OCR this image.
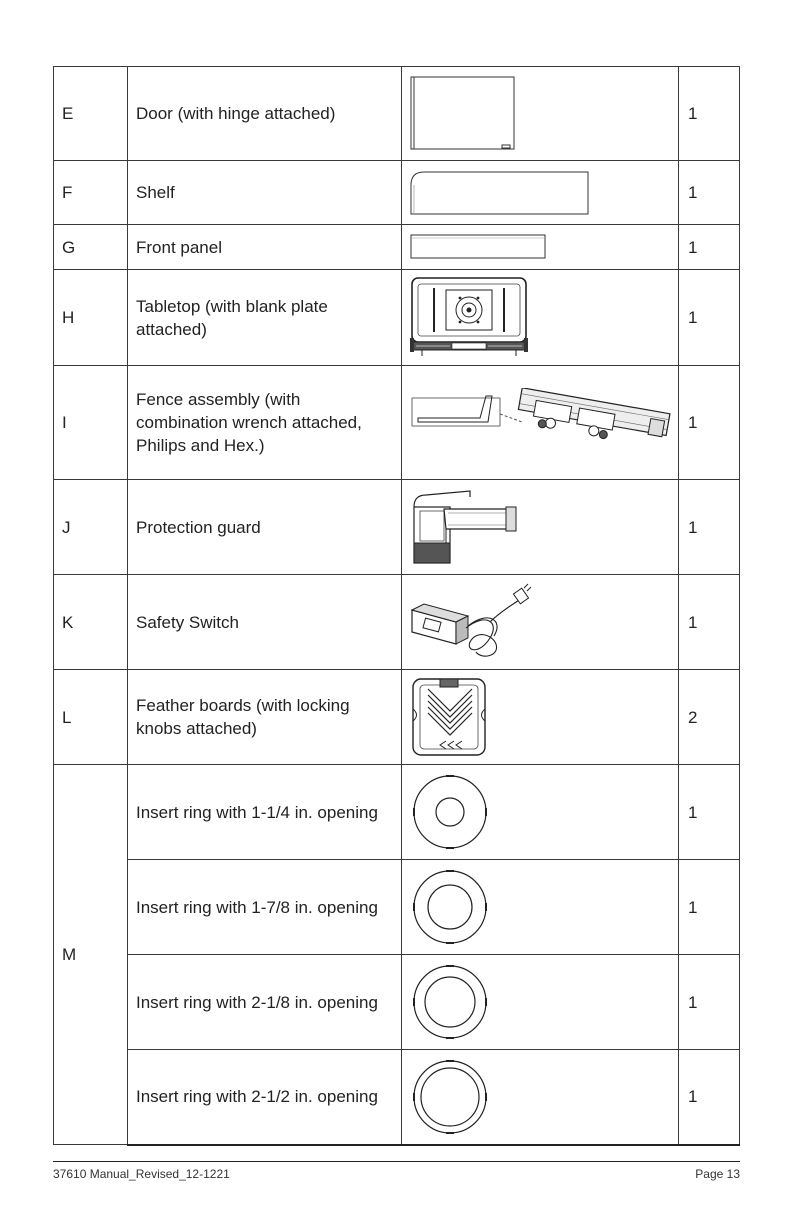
E	Door (with hinge attached)		1
F	Shelf		1
G	Front panel		1
H	Tabletop (with blank plate attached)		1
I	Fence assembly (with combination wrench attached, Philips and Hex.)		1
J	Protection guard		1
K	Safety Switch		1
L	Feather boards (with locking knobs attached)		2
M	Insert ring with 1-1/4 in. opening		1
	Insert ring with 1-7/8 in. opening		1
	Insert ring with 2-1/8 in. opening		1
	Insert ring with 2-1/2 in. opening		1
37610 Manual_Revised_12-1221	Page 13
